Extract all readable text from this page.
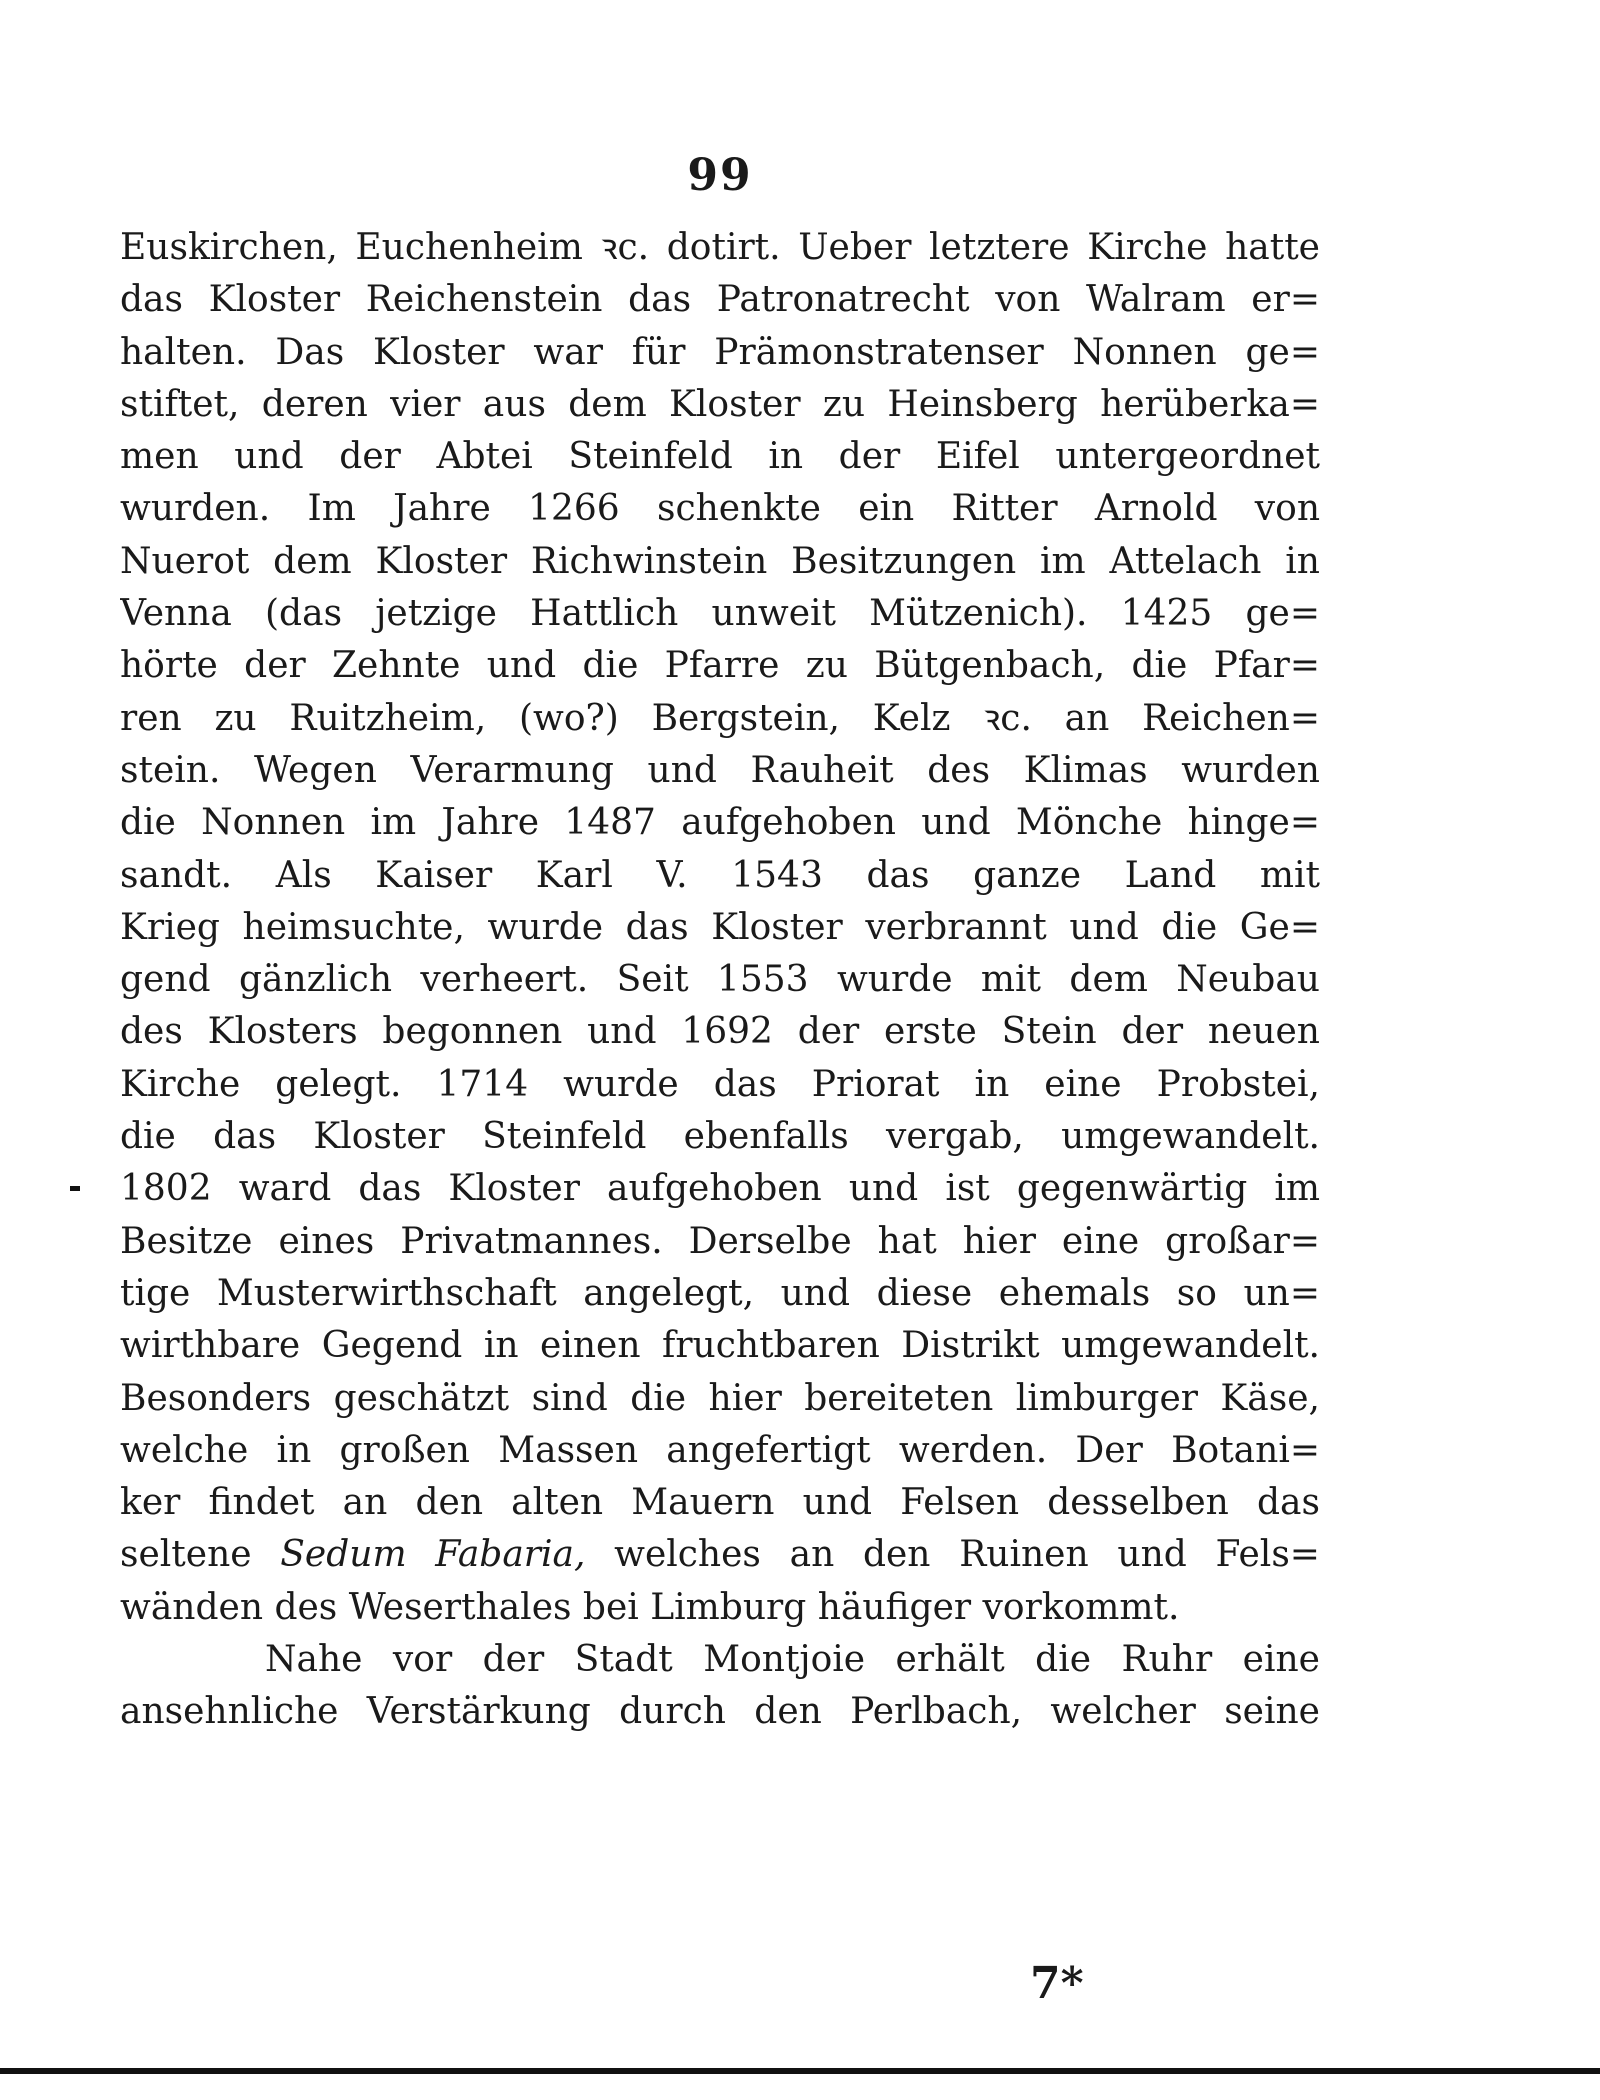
99
Euskirchen, Euchenheim ꝛc. dotirt. Ueber letztere Kirche hatte
das Kloster Reichenstein das Patronatrecht von Walram er=
halten. Das Kloster war für Prämonstratenser Nonnen ge=
stiftet, deren vier aus dem Kloster zu Heinsberg herüberka=
men und der Abtei Steinfeld in der Eifel untergeordnet
wurden. Im Jahre 1266 schenkte ein Ritter Arnold von
Nuerot dem Kloster Richwinstein Besitzungen im Attelach in
Venna (das jetzige Hattlich unweit Mützenich). 1425 ge=
hörte der Zehnte und die Pfarre zu Bütgenbach, die Pfar=
ren zu Ruitzheim, (wo?) Bergstein, Kelz ꝛc. an Reichen=
stein. Wegen Verarmung und Rauheit des Klimas wurden
die Nonnen im Jahre 1487 aufgehoben und Mönche hinge=
sandt. Als Kaiser Karl V. 1543 das ganze Land mit
Krieg heimsuchte, wurde das Kloster verbrannt und die Ge=
gend gänzlich verheert. Seit 1553 wurde mit dem Neubau
des Klosters begonnen und 1692 der erste Stein der neuen
Kirche gelegt. 1714 wurde das Priorat in eine Probstei,
die das Kloster Steinfeld ebenfalls vergab, umgewandelt.
1802 ward das Kloster aufgehoben und ist gegenwärtig im
Besitze eines Privatmannes. Derselbe hat hier eine großar=
tige Musterwirthschaft angelegt, und diese ehemals so un=
wirthbare Gegend in einen fruchtbaren Distrikt umgewandelt.
Besonders geschätzt sind die hier bereiteten limburger Käse,
welche in großen Massen angefertigt werden. Der Botani=
ker findet an den alten Mauern und Felsen desselben das
seltene Sedum Fabaria, welches an den Ruinen und Fels=
wänden des Weserthales bei Limburg häufiger vorkommt.
Nahe vor der Stadt Montjoie erhält die Ruhr eine
ansehnliche Verstärkung durch den Perlbach, welcher seine
7*
